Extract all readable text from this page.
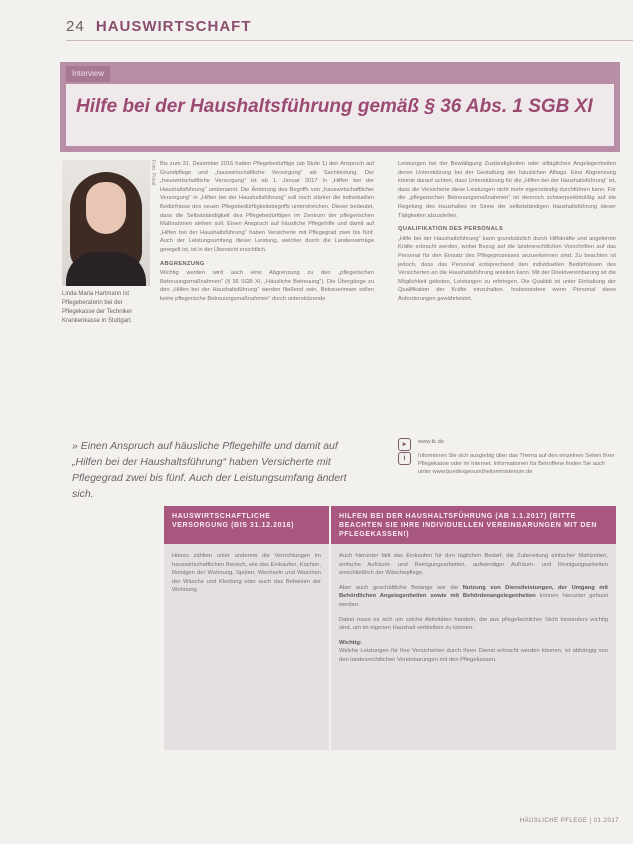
24 HAUSWIRTSCHAFT
Interview
Hilfe bei der Haushaltsführung gemäß § 36 Abs. 1 SGB XI
Foto: Privat
Linda Maria Hartmann ist Pflegeberaterin bei der Pflegekasse der Techniker Krankenkasse in Stuttgart.

Bis zum 31. Dezember 2016 hatten Pflegebedürftige (ab Stufe 1) den Anspruch auf Grundpflege und „hauswirtschaftliche Versorgung“ als Sachleistung. Der „hauswirtschaftliche Versorgung“ ist ab 1. Januar 2017 in „Hilfen bei der Haushaltsführung“ umbenannt. Die Änderung des Begriffs von „hauswirtschaftlicher Versorgung“ in „Hilfen bei der Haushaltsführung“ soll noch stärker die individuellen Bedürfnisse des neuen Pflegebedürftigkeitsbegriffs unterstreichen. Dieser bedeutet, dass die Selbstständigkeit des Pflegebedürftigen im Zentrum der pflegerischen Maßnahmen stehen soll. Einen Anspruch auf häusliche Pflegehilfe und damit auf „Hilfen bei der Haushaltsführung“ haben Versicherte mit Pflegegrad zwei bis fünf. Auch der Leistungsumfang dieser Leistung, welcher durch die Landesverträge geregelt ist, ist in der Übersicht ersichtlich.

ABGRENZUNG

Wichtig werden wird auch eine Abgrenzung zu den „pflegerischen Betreuungsmaßnahmen“ (§ 36 SGB XI, „Häusliche Betreuung“). Die Übergänge zu den „Hilfen bei der Haushaltsführung“ werden fließend sein. Betreuerinnen sollen keine pflegerische Betreuungsmaßnahmen“ durch unterstützende

Leistungen bei der Bewältigung Zuständigkeiten oder alltäglichen Angelegenheiten deren Unterstützung bei der Gestaltung der häuslichen Alltags. Eine Abgrenzung könnte darauf achten, dass Unterstützung für die „Hilfen bei der Haushaltsführung“ ist, dass die Versicherte diese Leistungen nicht mehr eigenständig durchführen kann. Für die „pflegerischen Betreuungsmaßnahmen“ ist dennoch schwerpunktmäßig auf die Regelung des Haushaltes im Sinne der selbstständigen Haushaltsführung dieser Tätigkeiten abzustellen.

QUALIFIKATION DES PERSONALS

„Hilfe bei der Haushaltsführung“ kann grundsätzlich durch Hilfskräfte und angelernte Kräfte erbracht werden, wobei Bezug auf die landesrechtlichen Vorschriften auf das Personal für den Einsatz des Pflegeprozesses anzuerkennen sind. Zu beachten ist jedoch, dass das Personal entsprechend den individuellen Bedürfnissen des Versicherten an die Haushaltsführung anleiten kann. Mit der Direktvereinbarung ist die Möglichkeit geboten, Leistungen zu erbringen. Die Qualität ist unter Einhaltung der Qualifikation der Kräfte einzuhalten. Insbesondere wenn Personal diese Anforderungen gewährleistet.

» Einen Anspruch auf häusliche Pflegehilfe und damit auf „Hilfen bei der Haushaltsführung“ haben Versicherte mit Pflegegrad zwei bis fünf. Auch der Leistungsumfang ändert sich.
▸	www.tk.de
i	Informieren Sie sich ausgiebig über das Thema auf den einzelnen Seiten Ihrer Pflegekasse oder im Internet. Informationen für Betroffene finden Sie auch unter www.bundesgesundheitsministerium.de
HAUSWIRTSCHAFTLICHE VERSORGUNG (BIS 31.12.2016)
HILFEN BEI DER HAUSHALTSFÜHRUNG (AB 1.1.2017) (BITTE BEACHTEN SIE IHRE INDIVIDUELLEN VEREINBARUNGEN MIT DEN PFLEGEKASSEN!)

Hierzu zählten unter anderem die Verrichtungen im hauswirtschaftlichen Bereich, wie das Einkaufen, Kochen, Reinigen der Wohnung, Spülen, Wechseln und Waschen der Wäsche und Kleidung oder auch das Beheizen der Wohnung.

Auch hierunter fällt das Einkaufen für den täglichen Bedarf, die Zubereitung einfacher Mahlzeiten, einfache Aufräum- und Reinigungsarbeiten, aufwendiger Aufräum- und Reinigungsarbeiten einschließlich der Wäschepflege.

Aber auch geschäftliche Belange wie die Nutzung von Dienstleistungen, der Umgang mit Behördlichen Angelegenheiten sowie mit Behördenangelegenheiten können hierunter gefasst werden.

Dabei muss es sich um solche Aktivitäten handeln, die aus pflegefachlicher Sicht besonders wichtig sind, um im eigenen Haushalt verbleiben zu können.

Wichtig:

Welche Leistungen für Ihre Versicherten durch Ihren Dienst erbracht werden können, ist abhängig von den landesrechtlichen Vereinbarungen mit den Pflegekassen.

HÄUSLICHE PFLEGE | 01.2017
